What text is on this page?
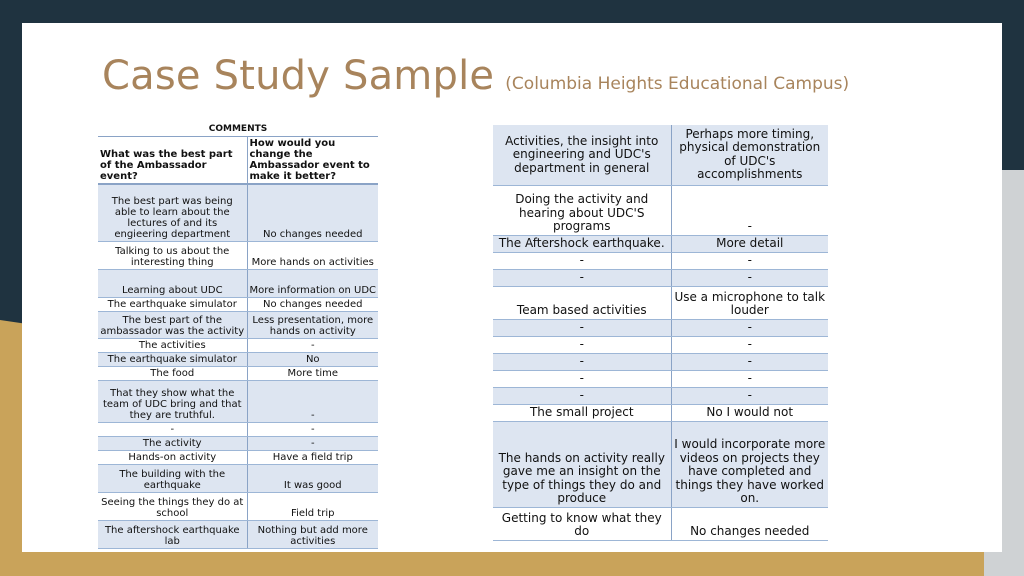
Case Study Sample (Columbia Heights Educational Campus)
COMMENTS	
What was the best part of the Ambassador event?	How would you change the Ambassador event to make it better?
The best part was being able to learn about the lectures of and its engieering department	No changes needed
Talking to us about the interesting thing	More hands on activities
Learning about UDC	More information on UDC
The earthquake simulator	No changes needed
The best part of the ambassador was the activity	Less presentation, more hands on activity
The activities	-
The earthquake simulator	No
The food	More time
That they show what the team of UDC bring and that they are truthful.	-
-	-
The activity	-
Hands-on activity	Have a field trip
The building with the earthquake	It was good
Seeing the things they do at school	Field trip
The aftershock earthquake lab	Nothing but add more activities
Activities, the insight into engineering and UDC's department in general	Perhaps more timing, physical demonstration of UDC's accomplishments
Doing the activity and hearing about UDC'S programs	-
The Aftershock earthquake.	More detail
-	-
-	-
Team based activities	Use a microphone to talk louder
-	-
-	-
-	-
-	-
-	-
The small project	No I would not
The hands on activity really gave me an insight on the type of things they do and produce	I would incorporate more videos on projects they have completed and things they have worked on.
Getting to know what they do	No changes needed
